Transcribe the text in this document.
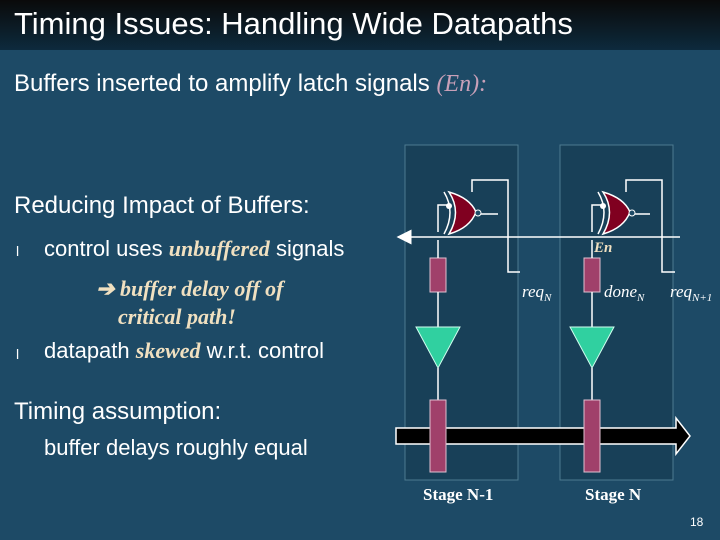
Timing Issues: Handling Wide Datapaths
Buffers inserted to amplify latch signals (En):
En
req$_N$	done$_N$ req$_{N+1}$
Stage N-1	Stage N
Reducing Impact of Buffers:
l control uses unbuffered signals
➔ buffer delay off of
critical path!
l datapath skewed w.r.t. control
Timing assumption:
buffer delays roughly equal
18
